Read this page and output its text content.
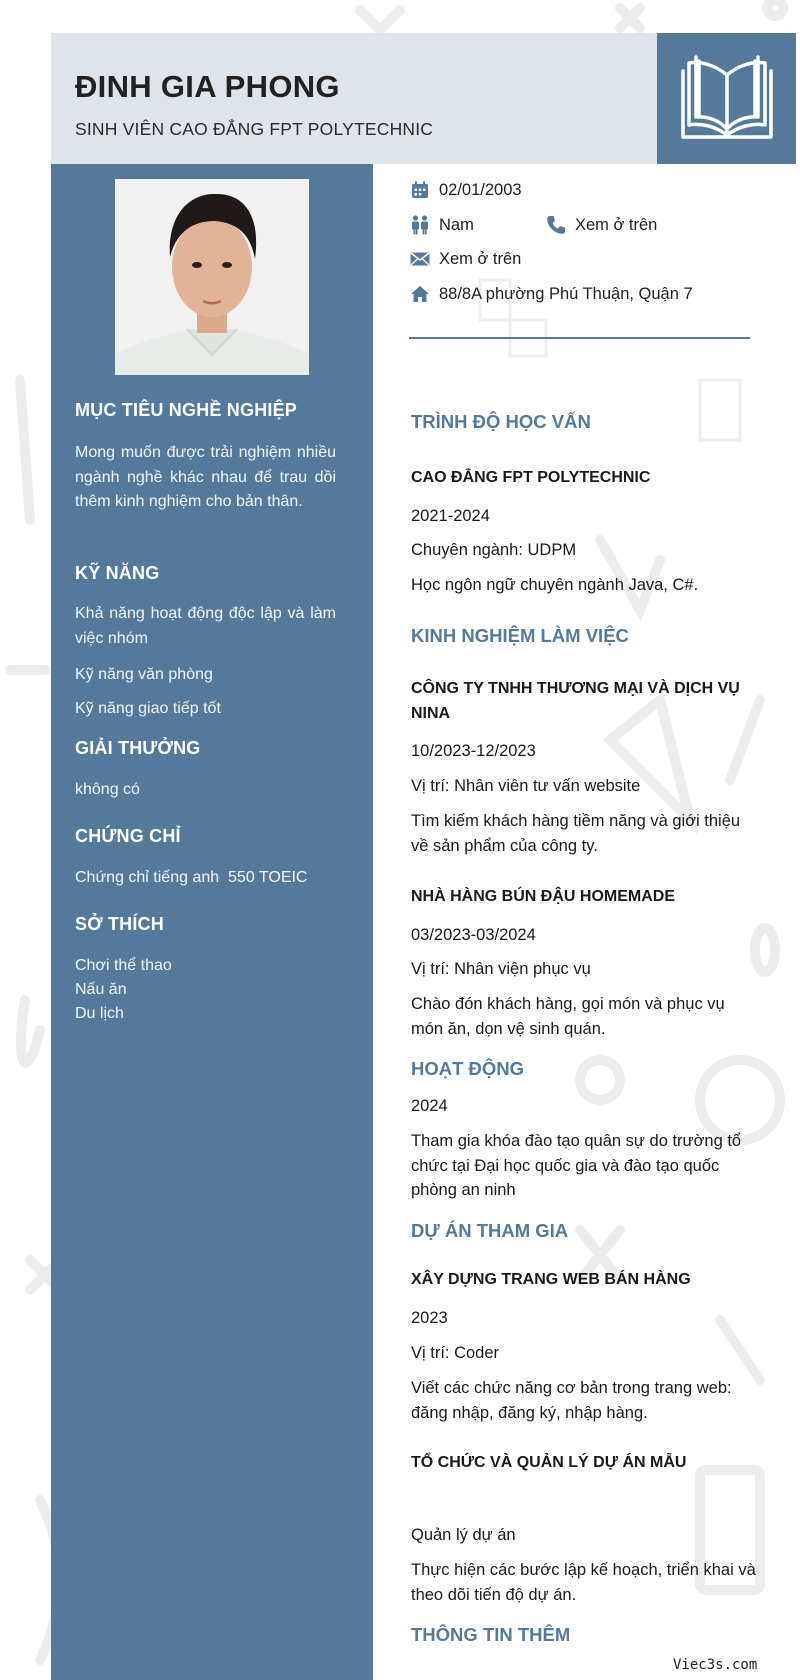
ĐINH GIA PHONG
SINH VIÊN CAO ĐẲNG FPT POLYTECHNIC
MỤC TIÊU NGHỀ NGHIỆP
Mong muốn được trải nghiệm nhiều ngành nghề khác nhau để trau dồi thêm kinh nghiệm cho bản thân.
KỸ NĂNG
Khả năng hoạt động độc lập và làm việc nhóm
Kỹ năng văn phòng
Kỹ năng giao tiếp tốt
GIẢI THƯỞNG
không có
CHỨNG CHỈ
Chứng chỉ tiếng anh  550 TOEIC
SỞ THÍCH
Chơi thể thao
Nấu ăn
Du lịch
02/01/2003
Nam	Xem ở trên
Xem ở trên
88/8A phường Phú Thuận, Quận 7
TRÌNH ĐỘ HỌC VẤN
CAO ĐẲNG FPT POLYTECHNIC
2021-2024
Chuyên ngành: UDPM
Học ngôn ngữ chuyên ngành Java, C#.
KINH NGHIỆM LÀM VIỆC
CÔNG TY TNHH THƯƠNG MẠI VÀ DỊCH VỤ NINA
10/2023-12/2023
Vị trí: Nhân viên tư vấn website
Tìm kiếm khách hàng tiềm năng và giới thiệu về sản phẩm của công ty.
NHÀ HÀNG BÚN ĐẬU HOMEMADE
03/2023-03/2024
Vị trí: Nhân viện phục vụ
Chào đón khách hàng, gọi món và phục vụ món ăn, dọn vệ sinh quán.
HOẠT ĐỘNG
2024
Tham gia khóa đào tạo quân sự do trường tổ chức tại Đại học quốc gia và đào tạo quốc phòng an ninh
DỰ ÁN THAM GIA
XÂY DỰNG TRANG WEB BÁN HÀNG
2023
Vị trí: Coder
Viết các chức năng cơ bản trong trang web: đăng nhập, đăng ký, nhập hàng.
TỔ CHỨC VÀ QUẢN LÝ DỰ ÁN MẪU
Quản lý dự án
Thực hiện các bước lập kế hoạch, triển khai và theo dõi tiến độ dự án.
THÔNG TIN THÊM
Viec3s.com
